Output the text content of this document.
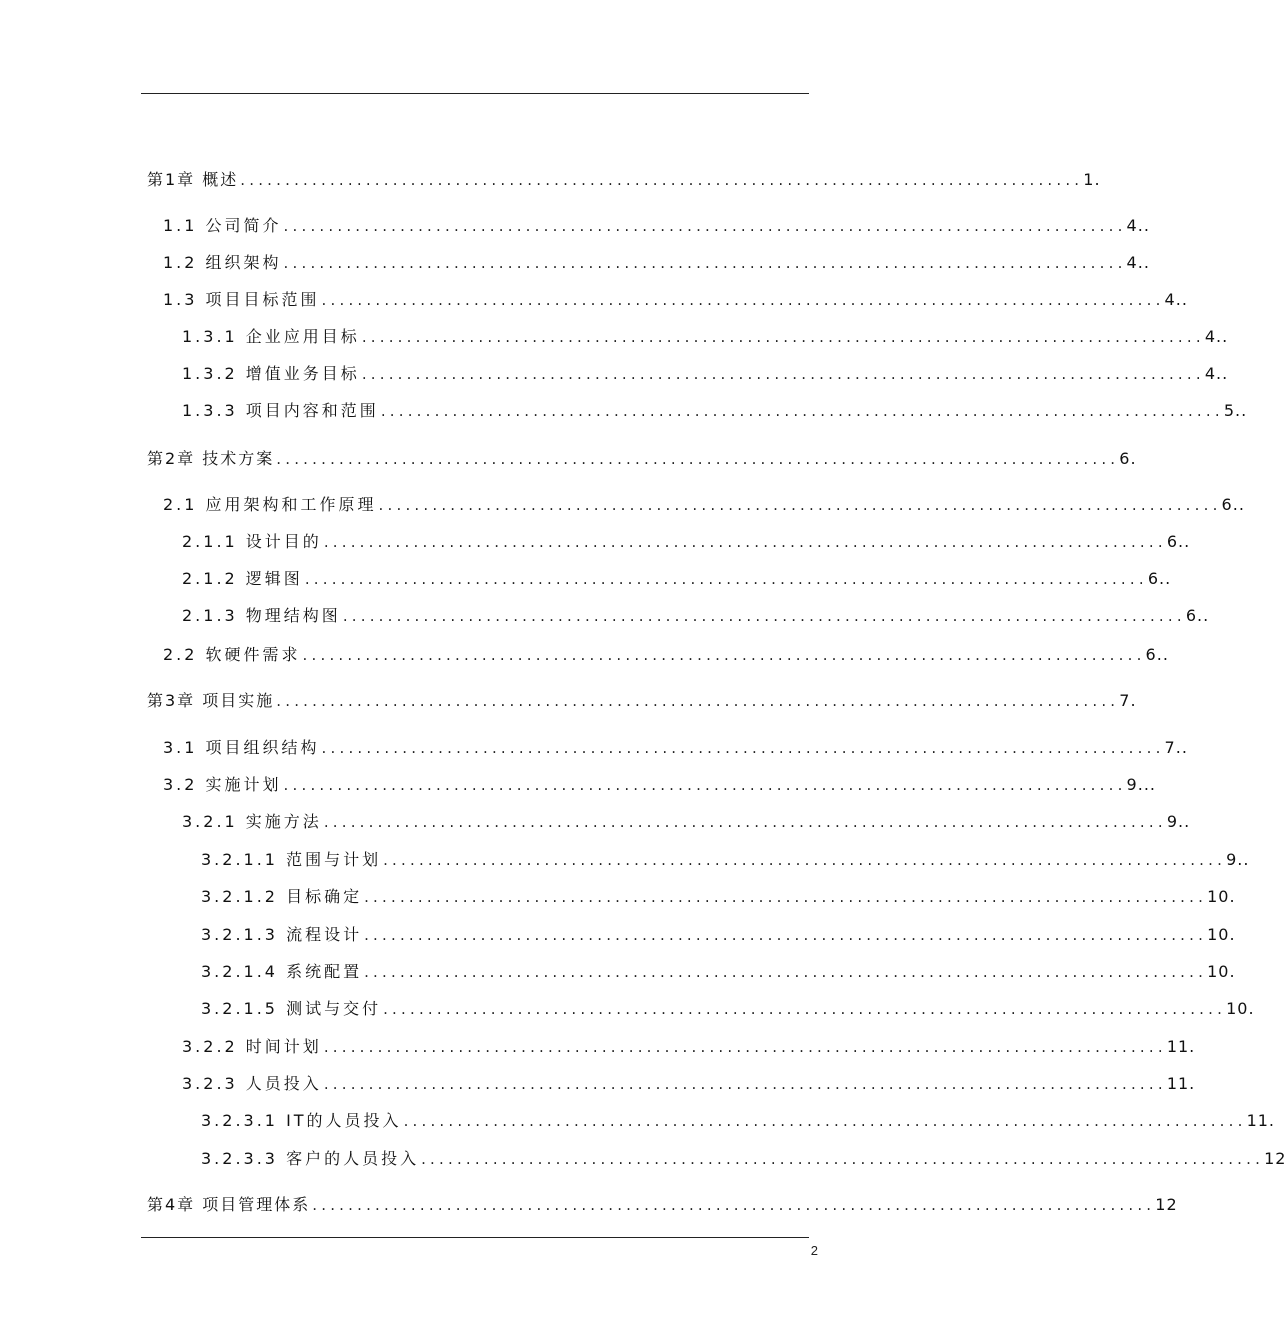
第1章 概述 .............................................................................................. 1.
1.1 公司简介 .............................................................................................. 4..
1.2 组织架构 .............................................................................................. 4..
1.3 项目目标范围 .............................................................................................. 4..
1.3.1 企业应用目标 .............................................................................................. 4..
1.3.2 增值业务目标 .............................................................................................. 4..
1.3.3 项目内容和范围 .............................................................................................. 5..
第2章 技术方案 .............................................................................................. 6.
2.1 应用架构和工作原理 .............................................................................................. 6..
2.1.1 设计目的 .............................................................................................. 6..
2.1.2 逻辑图 .............................................................................................. 6..
2.1.3 物理结构图 .............................................................................................. 6..
2.2 软硬件需求 .............................................................................................. 6..
第3章 项目实施 .............................................................................................. 7.
3.1 项目组织结构 .............................................................................................. 7..
3.2 实施计划 .............................................................................................. 9...
3.2.1 实施方法 .............................................................................................. 9..
3.2.1.1 范围与计划 .............................................................................................. 9..
3.2.1.2 目标确定 .............................................................................................. 10.
3.2.1.3 流程设计 .............................................................................................. 10.
3.2.1.4 系统配置 .............................................................................................. 10.
3.2.1.5 测试与交付 .............................................................................................. 10.
3.2.2 时间计划 .............................................................................................. 11.
3.2.3 人员投入 .............................................................................................. 11.
3.2.3.1 IT的人员投入 .............................................................................................. 11.
3.2.3.3 客户的人员投入 .............................................................................................. 12
第4章 项目管理体系 .............................................................................................. 12
2
